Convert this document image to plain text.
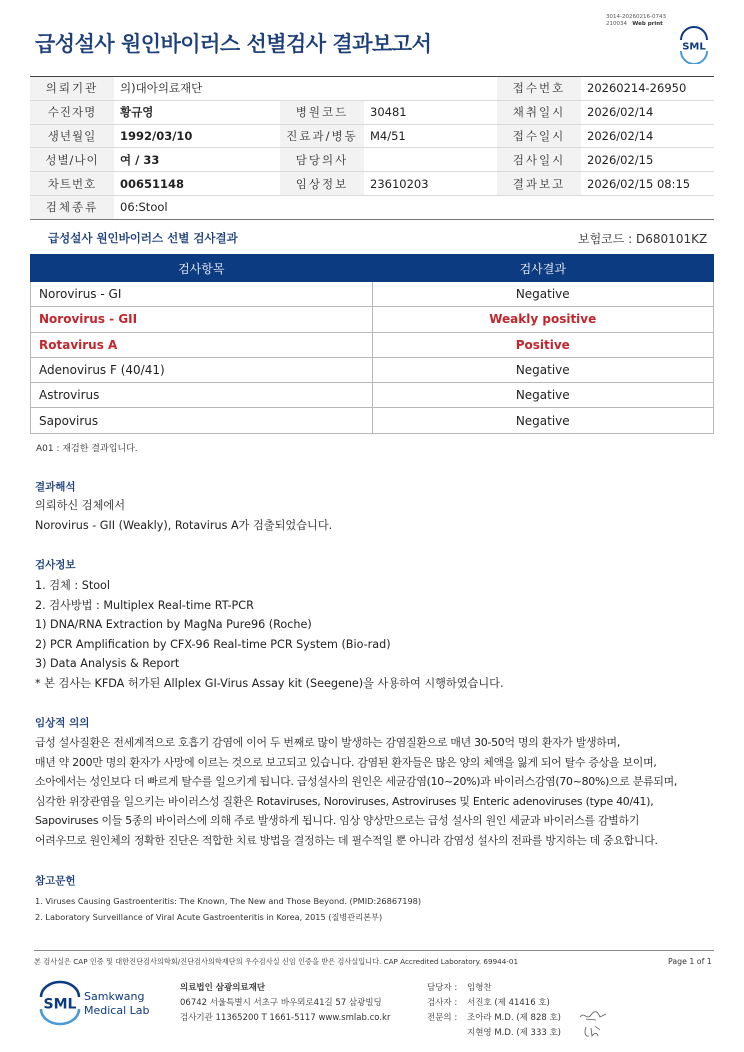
3014-20260216-0743
210034 Web print
급성설사 원인바이러스 선별검사 결과보고서	SML
의뢰기관	의)대아의료재단			접수번호	20260214-26950
수진자명	황규영	병원코드	30481	채취일시	2026/02/14
생년월일	1992/03/10	진료과/병동	M4/51	접수일시	2026/02/14
성별/나이	여 / 33	담당의사		검사일시	2026/02/15
차트번호	00651148	임상정보	23610203	결과보고	2026/02/15 08:15
검체종류	06:Stool				
급성설사 원인바이러스 선별 검사결과	보험코드 : D680101KZ
검사항목	검사결과
Norovirus - GI	Negative
Norovirus - GII	Weakly positive
Rotavirus A	Positive
Adenovirus F (40/41)	Negative
Astrovirus	Negative
Sapovirus	Negative
A01 : 재검한 결과입니다.
결과해석
의뢰하신 검체에서
Norovirus - GII (Weakly), Rotavirus A가 검출되었습니다.
검사정보
1. 검체 : Stool
2. 검사방법 : Multiplex Real-time RT-PCR
1) DNA/RNA Extraction by MagNa Pure96 (Roche)
2) PCR Amplification by CFX-96 Real-time PCR System (Bio-rad)
3) Data Analysis & Report
* 본 검사는 KFDA 허가된 Allplex GI-Virus Assay kit (Seegene)을 사용하여 시행하였습니다.
임상적 의의
급성 설사질환은 전세계적으로 호흡기 감염에 이어 두 번째로 많이 발생하는 감염질환으로 매년 30-50억 명의 환자가 발생하며,
매년 약 200만 명의 환자가 사망에 이르는 것으로 보고되고 있습니다. 감염된 환자들은 많은 양의 체액을 잃게 되어 탈수 증상을 보이며,
소아에서는 성인보다 더 빠르게 탈수를 일으키게 됩니다. 급성설사의 원인은 세균감염(10~20%)과 바이러스감염(70~80%)으로 분류되며,
심각한 위장관염을 일으키는 바이러스성 질환은 Rotaviruses, Noroviruses, Astroviruses 및 Enteric adenoviruses (type 40/41),
Sapoviruses 이들 5종의 바이러스에 의해 주로 발생하게 됩니다. 임상 양상만으로는 급성 설사의 원인 세균과 바이러스를 감별하기
어려우므로 원인체의 정확한 진단은 적합한 치료 방법을 결정하는 데 필수적일 뿐 아니라 감염성 설사의 전파를 방지하는 데 중요합니다.
참고문헌
1. Viruses Causing Gastroenteritis: The Known, The New and Those Beyond. (PMID:26867198)
2. Laboratory Surveillance of Viral Acute Gastroenteritis in Korea, 2015 (질병관리본부)
본 검사실은 CAP 인증 및 대한진단검사의학회/진단검사의학재단의 우수검사실 신임 인증을 받은 검사실입니다. CAP Accredited Laboratory. 69944-01	Page 1 of 1
SML Samkwang
Medical Lab
의료법인 삼광의료재단
06742 서울특별시 서초구 바우뫼로41길 57 삼광빌딩
검사기관 11365200 T 1661-5117 www.smlab.co.kr
담당자 :	임형찬
검사자 :	서진호 (제 41416 호)
전문의 :	조아라 M.D. (제 828 호)
지현영 M.D. (제 333 호)
